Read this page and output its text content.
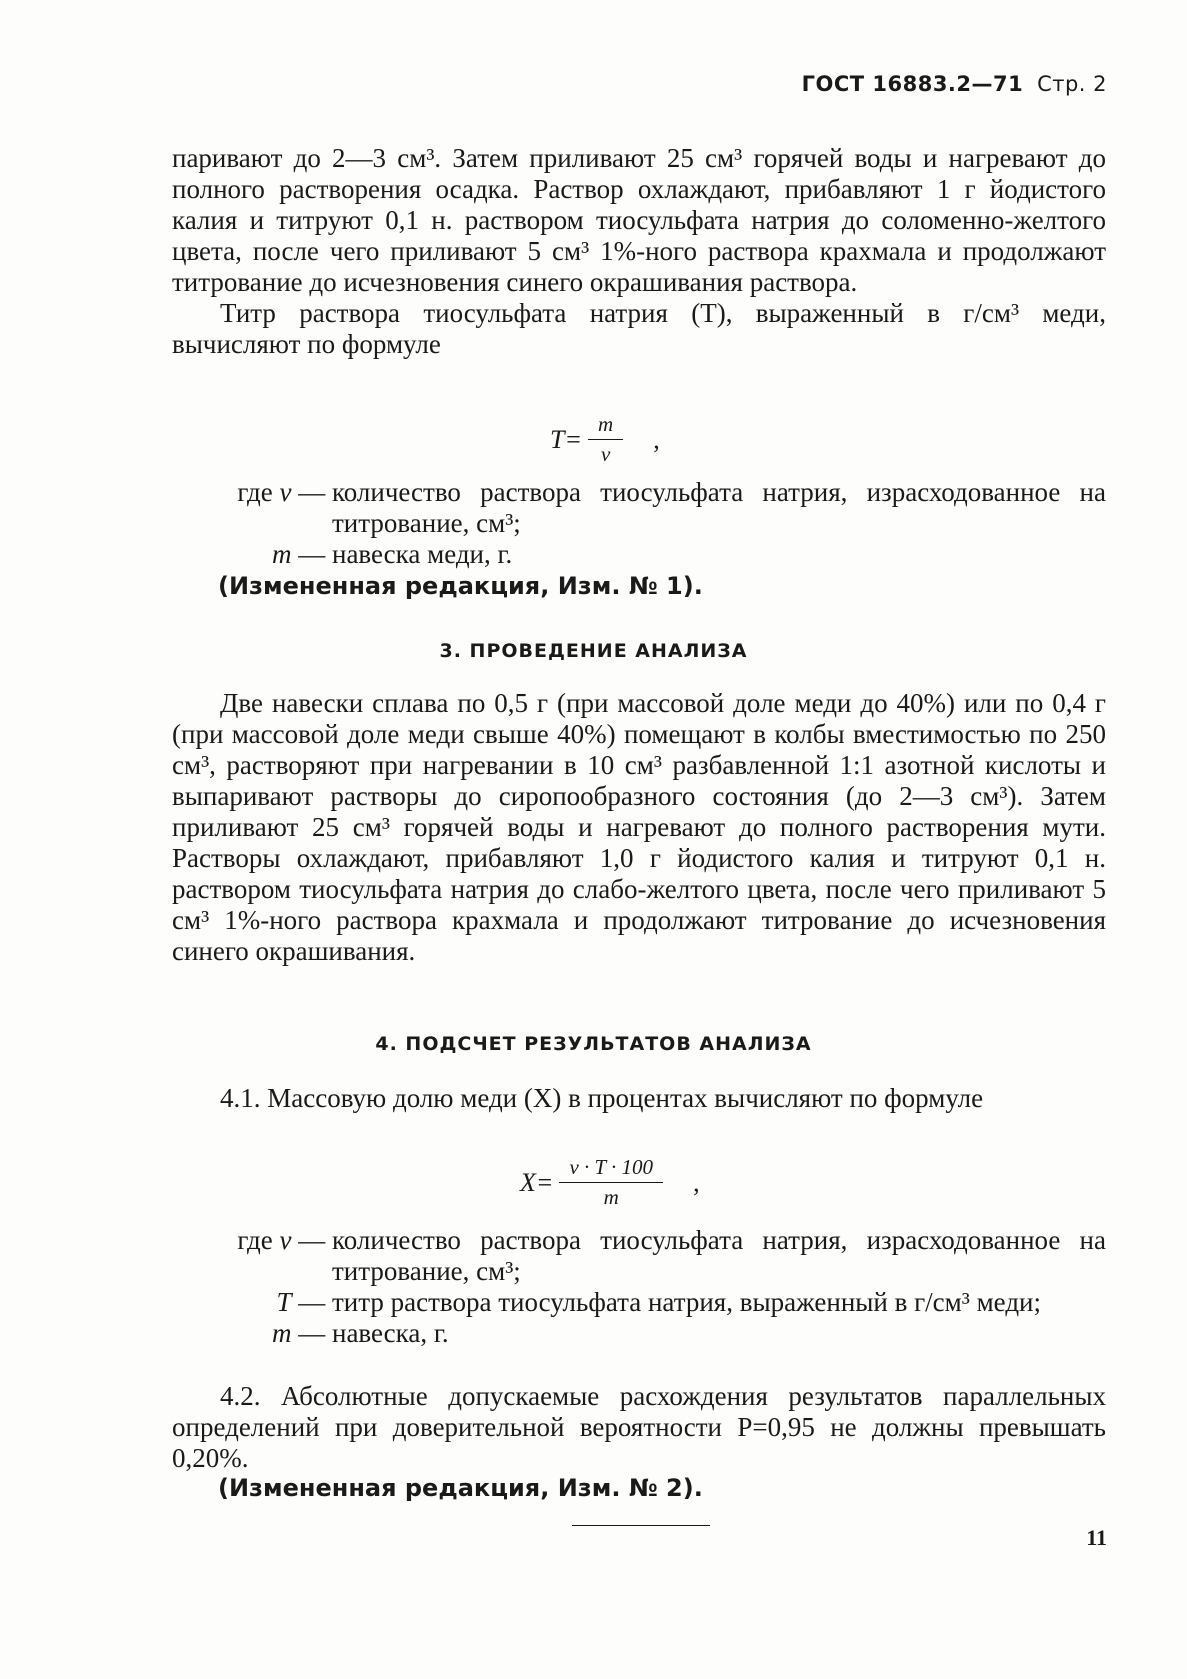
ГОСТ 16883.2—71 Стр. 2

паривают до 2—3 см³. Затем приливают 25 см³ горячей воды и нагревают до полного растворения осадка. Раствор охлаждают, прибавляют 1 г йодистого калия и титруют 0,1 н. раствором тиосульфата натрия до соломенно-желтого цвета, после чего приливают 5 см³ 1%-ного раствора крахмала и продолжают титрование до исчезновения синего окрашивания раствора.

Титр раствора тиосульфата натрия (T), выраженный в г/см³ меди, вычисляют по формуле

$T= \frac{m}{v}$ ,
где v — количество раствора тиосульфата натрия, израсходованное на титрование, см³;
m — навеска меди, г.
(Измененная редакция, Изм. № 1).
3. ПРОВЕДЕНИЕ АНАЛИЗА

Две навески сплава по 0,5 г (при массовой доле меди до 40%) или по 0,4 г (при массовой доле меди свыше 40%) помещают в колбы вместимостью по 250 см³, растворяют при нагревании в 10 см³ разбавленной 1:1 азотной кислоты и выпаривают растворы до сиропообразного состояния (до 2—3 см³). Затем приливают 25 см³ горячей воды и нагревают до полного растворения мути. Растворы охлаждают, прибавляют 1,0 г йодистого калия и титруют 0,1 н. раствором тиосульфата натрия до слабо-желтого цвета, после чего приливают 5 см³ 1%-ного раствора крахмала и продолжают титрование до исчезновения синего окрашивания.

4. ПОДСЧЕТ РЕЗУЛЬТАТОВ АНАЛИЗА

4.1. Массовую долю меди (X) в процентах вычисляют по формуле

$X= \frac{v \cdot T \cdot 100}{m}$ ,
где v — количество раствора тиосульфата натрия, израсходованное на титрование, см³;
T — титр раствора тиосульфата натрия, выраженный в г/см³ меди;
m — навеска, г.

4.2. Абсолютные допускаемые расхождения результатов параллельных определений при доверительной вероятности P=0,95 не должны превышать 0,20%.

(Измененная редакция, Изм. № 2).
11
